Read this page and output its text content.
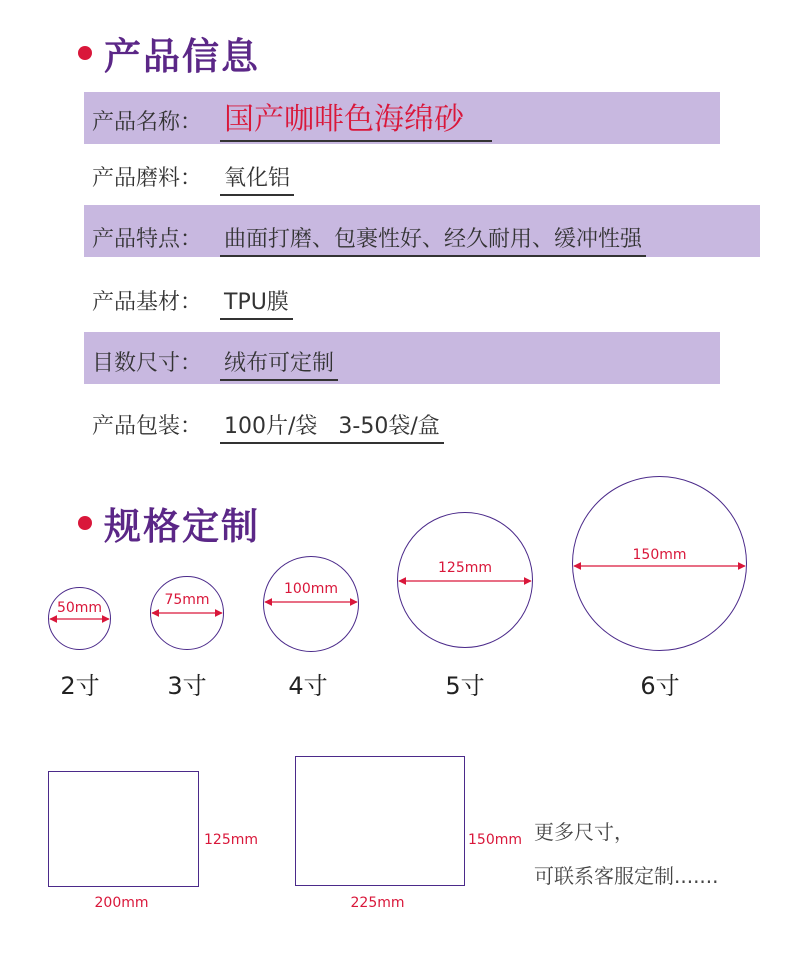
产品信息
产品名称： 国产咖啡色海绵砂
产品磨料： 氧化铝
产品特点： 曲面打磨、包裹性好、经久耐用、缓冲性强
产品基材： TPU膜
目数尺寸： 绒布可定制
产品包装： 100片/袋   3-50袋/盒
规格定制
50mm	75mm
100mm
125mm
150mm
2寸	3寸	4寸	5寸	6寸
125mm
200mm
150mm
225mm
更多尺寸，
可联系客服定制.......
